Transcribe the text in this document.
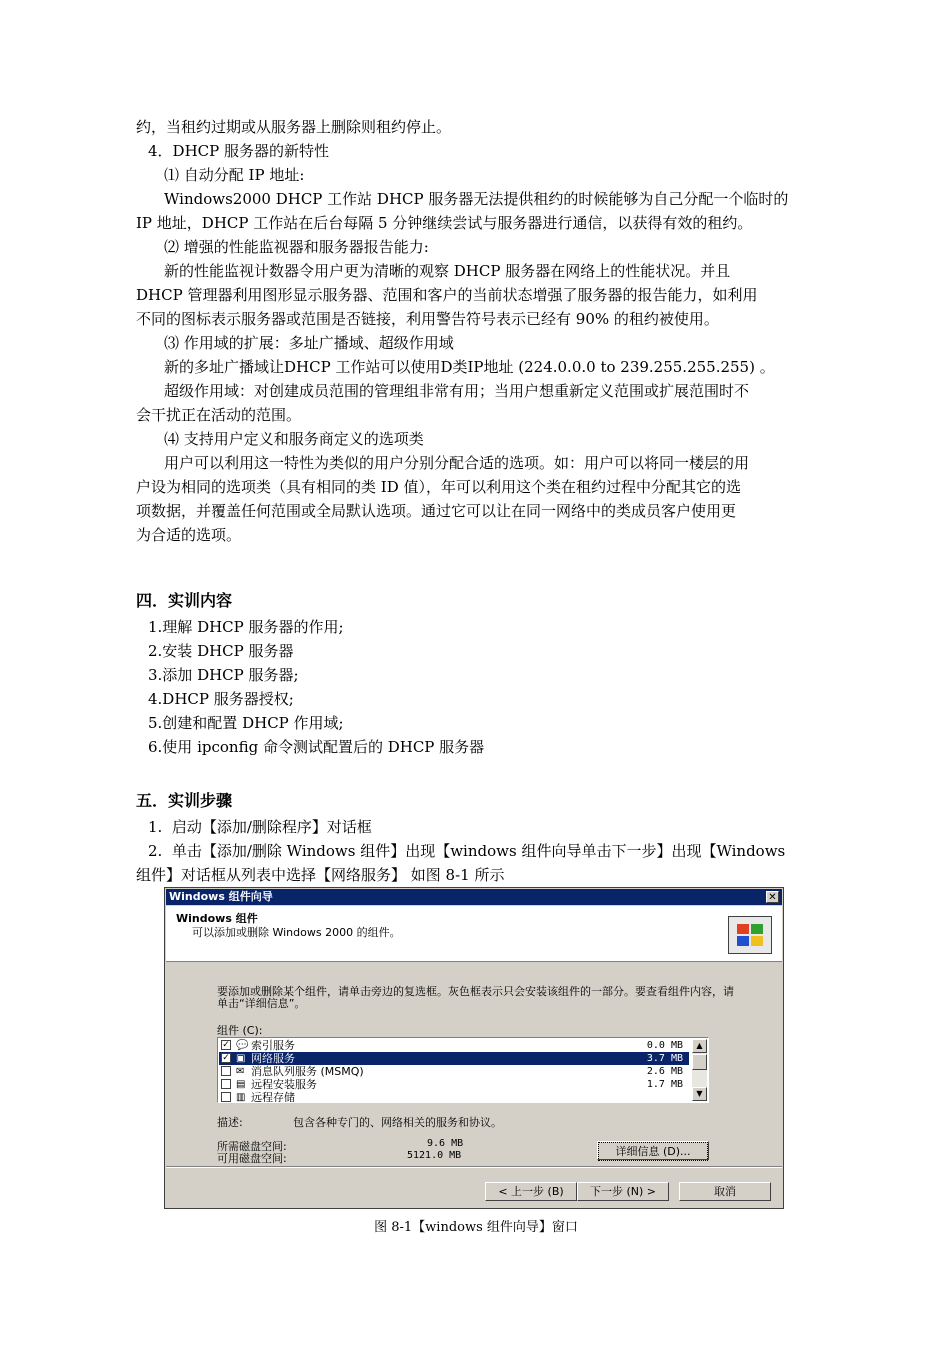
约，当租约过期或从服务器上删除则租约停止。
4．DHCP 服务器的新特性
⑴ 自动分配 IP 地址:
Windows2000 DHCP 工作站 DHCP 服务器无法提供租约的时候能够为自己分配一个临时的
IP 地址，DHCP 工作站在后台每隔 5 分钟继续尝试与服务器进行通信，以获得有效的租约。
⑵ 增强的性能监视器和服务器报告能力:
新的性能监视计数器令用户更为清晰的观察 DHCP 服务器在网络上的性能状况。并且
DHCP 管理器利用图形显示服务器、范围和客户的当前状态增强了服务器的报告能力，如利用
不同的图标表示服务器或范围是否链接，利用警告符号表示已经有 90% 的租约被使用。
⑶ 作用域的扩展：多址广播域、超级作用域
新的多址广播域让DHCP 工作站可以使用D类IP地址 (224.0.0.0 to 239.255.255.255) 。
超级作用域：对创建成员范围的管理组非常有用；当用户想重新定义范围或扩展范围时不
会干扰正在活动的范围。
⑷ 支持用户定义和服务商定义的选项类
用户可以利用这一特性为类似的用户分别分配合适的选项。如：用户可以将同一楼层的用
户设为相同的选项类（具有相同的类 ID 值），年可以利用这个类在租约过程中分配其它的选
项数据，并覆盖任何范围或全局默认选项。通过它可以让在同一网络中的类成员客户使用更
为合适的选项。
四．实训内容
1.理解 DHCP 服务器的作用;
2.安装 DHCP 服务器
3.添加 DHCP 服务器;
4.DHCP 服务器授权;
5.创建和配置 DHCP 作用域;
6.使用 ipconfig 命令测试配置后的 DHCP 服务器
五．实训步骤
1.  启动【添加/删除程序】对话框
2.  单击【添加/删除 Windows 组件】出现【windows 组件向导单击下一步】出现【Windows
组件】对话框从列表中选择【网络服务】 如图 8-1 所示
Windows 组件向导	✕
Windows 组件
可以添加或删除 Windows 2000 的组件。
要添加或删除某个组件，请单击旁边的复选框。灰色框表示只会安装该组件的一部分。要查看组件内容，请单击“详细信息”。
组件 (C):
✓ 💬 索引服务	0.0 MB
✓ ▣ 网络服务	3.7 MB
✉ 消息队列服务 (MSMQ)	2.6 MB
▤ 远程安装服务	1.7 MB
▥ 远程存储
▲
▼
描述:	包含各种专门的、网络相关的服务和协议。
所需磁盘空间:	9.6 MB
可用磁盘空间:	5121.0 MB	详细信息 (D)...
< 上一步 (B)	下一步 (N) >	取消
图 8-1【windows 组件向导】窗口
